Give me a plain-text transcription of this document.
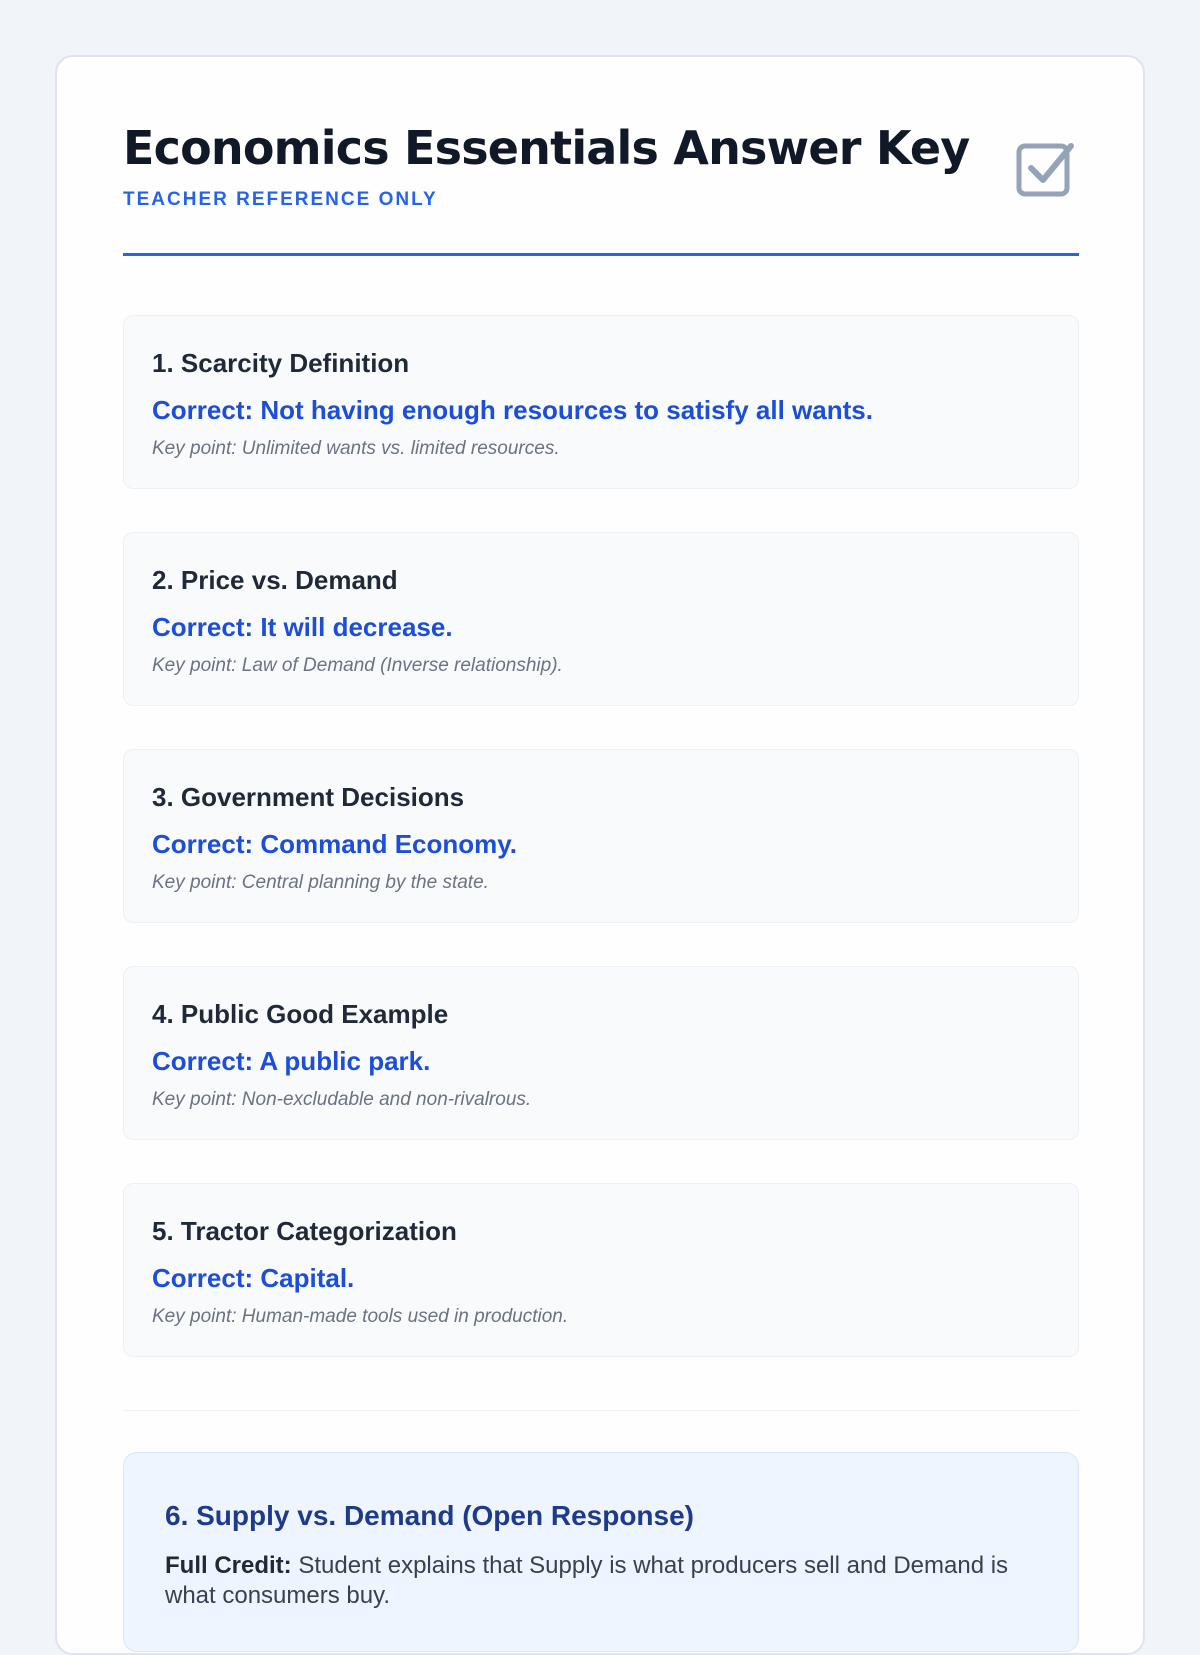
Economics Essentials Answer Key
TEACHER REFERENCE ONLY
1. Scarcity Definition
Correct: Not having enough resources to satisfy all wants.
Key point: Unlimited wants vs. limited resources.
2. Price vs. Demand
Correct: It will decrease.
Key point: Law of Demand (Inverse relationship).
3. Government Decisions
Correct: Command Economy.
Key point: Central planning by the state.
4. Public Good Example
Correct: A public park.
Key point: Non-excludable and non-rivalrous.
5. Tractor Categorization
Correct: Capital.
Key point: Human-made tools used in production.
6. Supply vs. Demand (Open Response)

Full Credit: Student explains that Supply is what producers sell and Demand is what consumers buy.
